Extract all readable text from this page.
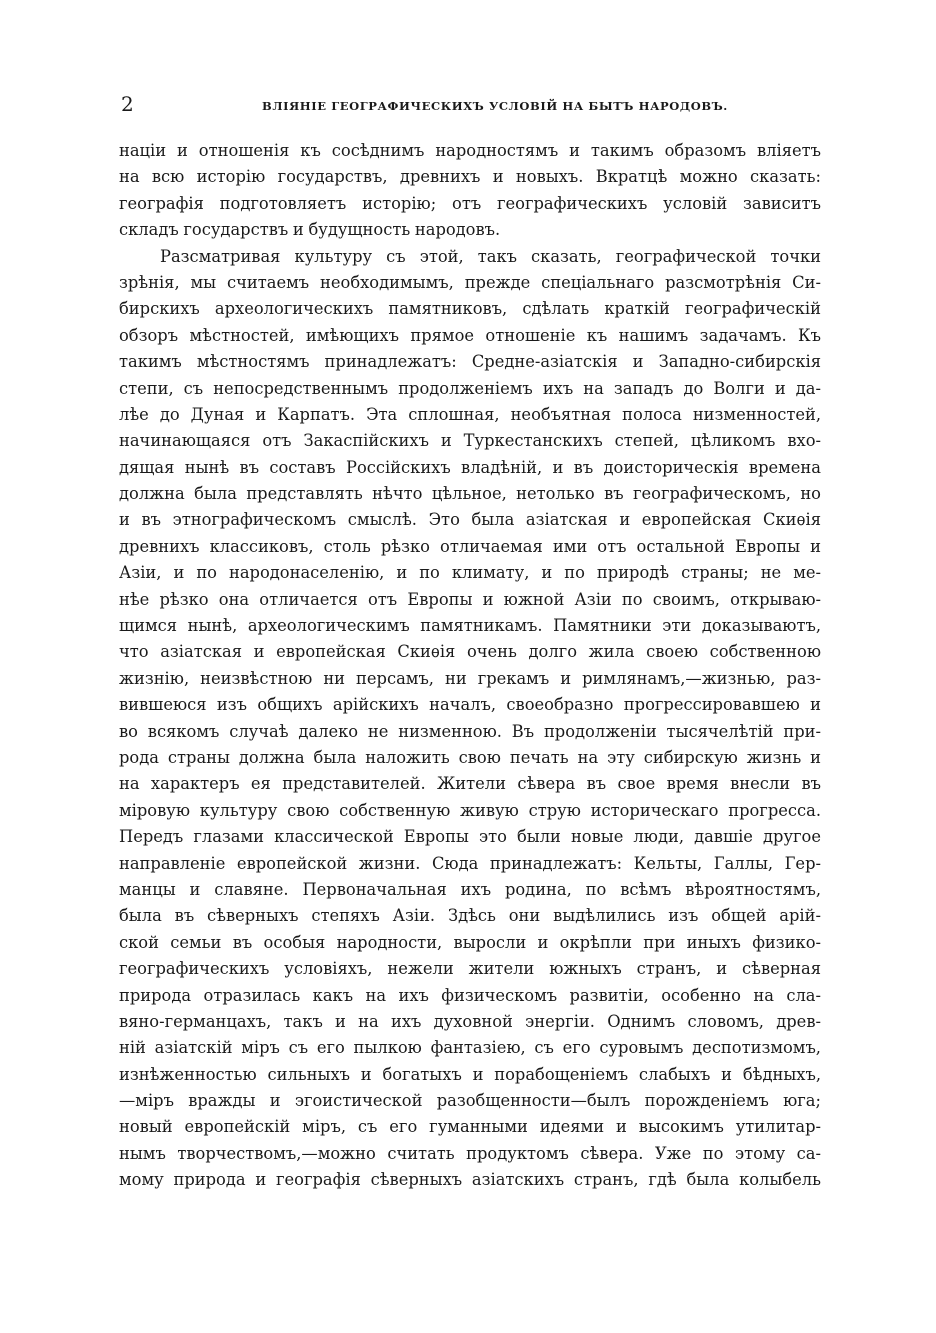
2	ВЛІЯНІЕ ГЕОГРАФИЧЕСКИХЪ УСЛОВІЙ НА БЫТЪ НАРОДОВЪ.
націи и отношенія къ сосѣднимъ народностямъ и такимъ образомъ вліяетъ
на всю исторію государствъ, древнихъ и новыхъ. Вкратцѣ можно сказать:
географія подготовляетъ исторію; отъ географическихъ условій зависитъ
складъ государствъ и будущность народовъ.
Разсматривая культуру съ этой, такъ сказать, географической точки
зрѣнія, мы считаемъ необходимымъ, прежде спеціальнаго разсмотрѣнія Си-
бирскихъ археологическихъ памятниковъ, сдѣлать краткій географическій
обзоръ мѣстностей, имѣющихъ прямое отношеніе къ нашимъ задачамъ. Къ
такимъ мѣстностямъ принадлежатъ: Средне-азіатскія и Западно-сибирскія
степи, съ непосредственнымъ продолженіемъ ихъ на западъ до Волги и да-
лѣе до Дуная и Карпатъ. Эта сплошная, необъятная полоса низменностей,
начинающаяся отъ Закаспійскихъ и Туркестанскихъ степей, цѣликомъ вхо-
дящая нынѣ въ составъ Россійскихъ владѣній, и въ доисторическія времена
должна была представлять нѣчто цѣльное, нетолько въ географическомъ, но
и въ этнографическомъ смыслѣ. Это была азіатская и европейская Скиѳія
древнихъ классиковъ, столь рѣзко отличаемая ими отъ остальной Европы и
Азіи, и по народонаселенію, и по климату, и по природѣ страны; не ме-
нѣе рѣзко она отличается отъ Европы и южной Азіи по своимъ, открываю-
щимся нынѣ, археологическимъ памятникамъ. Памятники эти доказываютъ,
что азіатская и европейская Скиѳія очень долго жила своею собственною
жизнію, неизвѣстною ни персамъ, ни грекамъ и римлянамъ,—жизнью, раз-
вившеюся изъ общихъ арійскихъ началъ, своеобразно прогрессировавшею и
во всякомъ случаѣ далеко не низменною. Въ продолженіи тысячелѣтій при-
рода страны должна была наложить свою печать на эту сибирскую жизнь и
на характеръ ея представителей. Жители сѣвера въ свое время внесли въ
міровую культуру свою собственную живую струю историческаго прогресса.
Передъ глазами классической Европы это были новые люди, давшіе другое
направленіе европейской жизни. Сюда принадлежатъ: Кельты, Галлы, Гер-
манцы и славяне. Первоначальная ихъ родина, по всѣмъ вѣроятностямъ,
была въ сѣверныхъ степяхъ Азіи. Здѣсь они выдѣлились изъ общей арій-
ской семьи въ особыя народности, выросли и окрѣпли при иныхъ физико-
географическихъ условіяхъ, нежели жители южныхъ странъ, и сѣверная
природа отразилась какъ на ихъ физическомъ развитіи, особенно на сла-
вяно-германцахъ, такъ и на ихъ духовной энергіи. Однимъ словомъ, древ-
ній азіатскій міръ съ его пылкою фантазіею, съ его суровымъ деспотизмомъ,
изнѣженностью сильныхъ и богатыхъ и порабощеніемъ слабыхъ и бѣдныхъ,
—міръ вражды и эгоистической разобщенности—былъ порожденіемъ юга;
новый европейскій міръ, съ его гуманными идеями и высокимъ утилитар-
нымъ творчествомъ,—можно считать продуктомъ сѣвера. Уже по этому са-
мому природа и географія сѣверныхъ азіатскихъ странъ, гдѣ была колыбель
